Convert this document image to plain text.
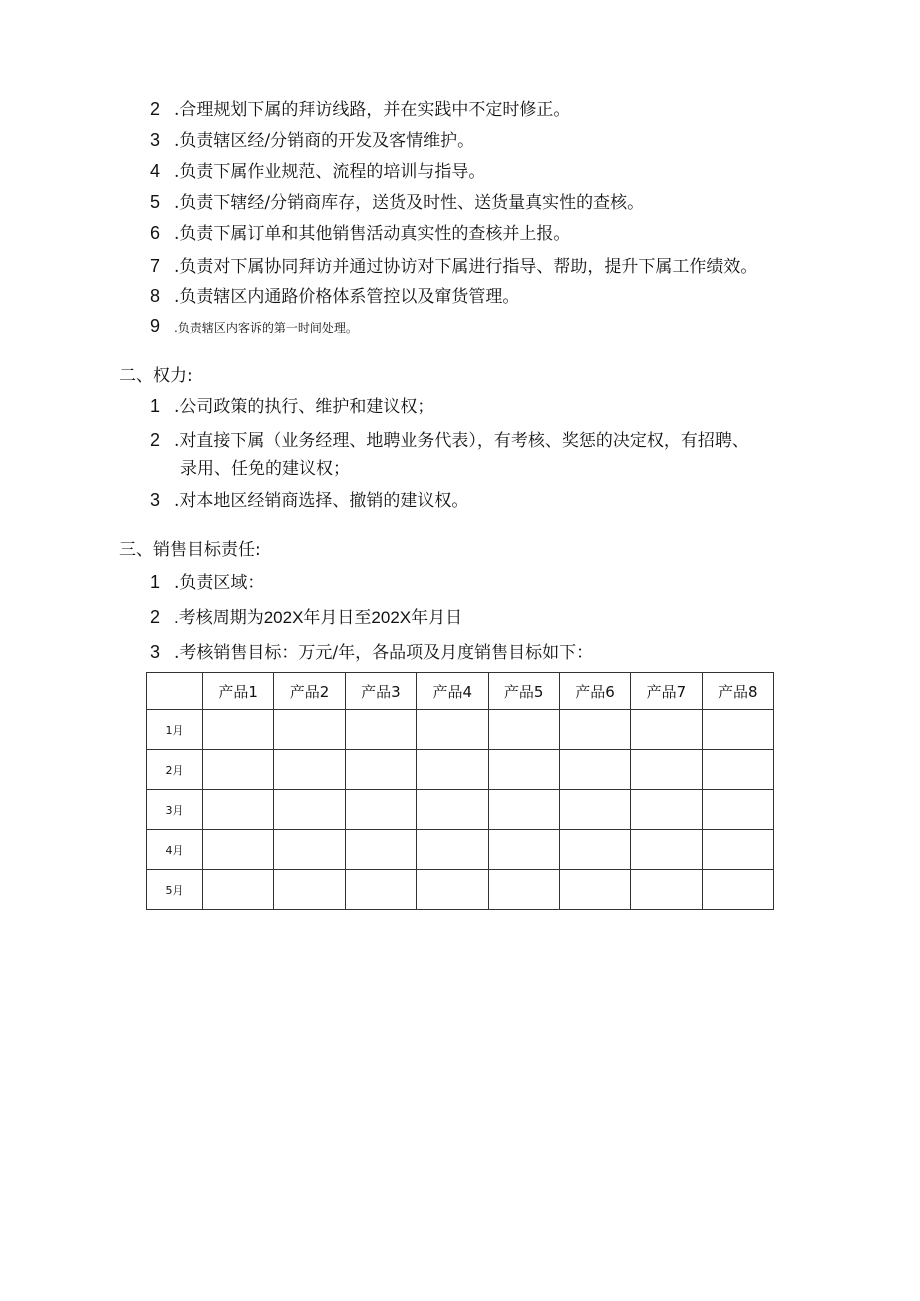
2 .合理规划下属的拜访线路，并在实践中不定时修正。
3 .负责辖区经/分销商的开发及客情维护。
4 .负责下属作业规范、流程的培训与指导。
5 .负责下辖经/分销商库存，送货及时性、送货量真实性的查核。
6 .负责下属订单和其他销售活动真实性的查核并上报。
7 .负责对下属协同拜访并通过协访对下属进行指导、帮助，提升下属工作绩效。
8 .负责辖区内通路价格体系管控以及窜货管理。
9 .负责辖区内客诉的第一时间处理。
二、权力:
1 .公司政策的执行、维护和建议权；
2 .对直接下属（业务经理、地聘业务代表），有考核、奖惩的决定权，有招聘、
录用、任免的建议权；
3 .对本地区经销商选择、撤销的建议权。
三、销售目标责任:
1 .负责区域：
2 .考核周期为202X年月日至202X年月日
3 .考核销售目标：万元/年，各品项及月度销售目标如下：
	产品1	产品2	产品3	产品4	产品5	产品6	产品7	产品8
1月								
2月								
3月								
4月								
5月								
